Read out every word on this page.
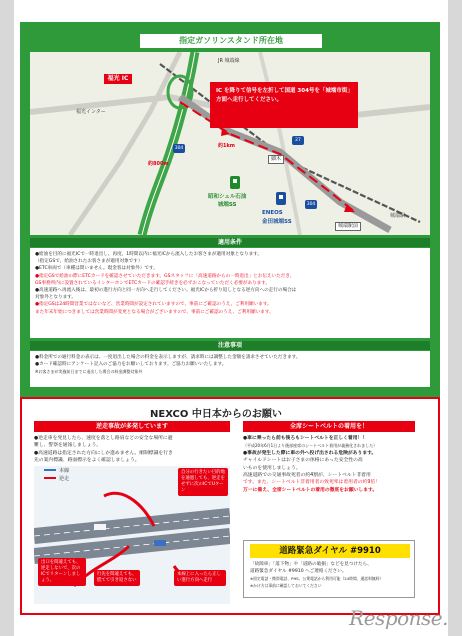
指定ガソリンスタンド所在地
福光 IC
JR 城端線
福光インター
IC を降りて信号を左折して国道 304号を「城端市街」方面へ走行してください。
約1km
約800m
304
27
304
細木
城端駅前
城端駅
昭和シェル石油
城端SS
ENEOS
金田城端SS
適用条件
●給油を目的に福光ICで一時退出し、再度、1時間以内に福光ICから流入したお客さまが適用対象となります。
（指定GSで、給油されたお客さまが適用対象です）
●ETC車両で（車種は問いません。現金客は対象外）です。
●指定GSで給油の際にETCカードを確認させていただきます。GSスタッフに「高速道路からの一時退出」とお伝えいただき、
GS事務所内に設置されているインターホンでETCカードの確認手続きを必ずおこなっていただく必要があります。
●高速道路へ再流入後は、最初の進行方向と同一方向へ走行してください。福光ICから折り返しとなる逆方向への走行の場合は
対象外となります。
●指定GSは24時間営業ではないなど、営業時間が設定されていますので、事前にご確認のうえ、ご利用願います。
また年末年始につきましては営業時間が変更となる場合がございますので、事前にご確認のうえ、ご利用願います。
注意事項
●料金所での通行料金の表示は、一度退出した場合の料金を表示しますが、請求時には調整した金額を請求させていただきます。
●カード確認時にアンケート記入のご協力をお願いしております。ご協力お願いいたします。
※お客さまが実施前日までに退出した場合の料金調整対象外
NEXCO 中日本からのお願い
逆走事故が多発しています
●逆走車を発見したら、速度を落とし路肩などの安全な場所に避
難し、警察を通報しましょう。
●高速道路は指定された方向にしか進めません。順制標識を行き
先の案内標識、路面標示をよく確認しましょう。
本線
逆走
自分の行きたい目的地を通過しても、逆走をせずに次のICでUターン
出口を間違えても、逆走しないで、次のICでリターンしましょう。
行先を間違えても、慌てて引き返さない
本線上に入ったら正しい進行方向へ走行
全席シートベルトの着用を！
●車に乗ったら前も後ろもシートベルトを正しく着用！！
（平成20年6月1日より後部座席のシートベルト着用が義務化されました）
●事故が発生した際に車の外へ投げ出される危険があります。
チャイルドシートはお子さまの体格にあった安全性の高
いものを使用しましょう。
高速道路での交通事故死者の約4割が、シートベルト非着用
です。また、シートベルト非着用者の致死率は着用者の約9倍！
万一に備え、全席シートベルトの着用の徹底をお願いします。
道路緊急ダイヤル #9910
「故障車」「落下物」や「道路の破損」などを見つけたら、
道路緊急ダイヤル #9910 へご連絡ください。
※固定電話・携帯電話、PHS、公衆電話から利用可能（24時間、通話料無料）
※かけ方は事前に確認しておいてください
Response.
